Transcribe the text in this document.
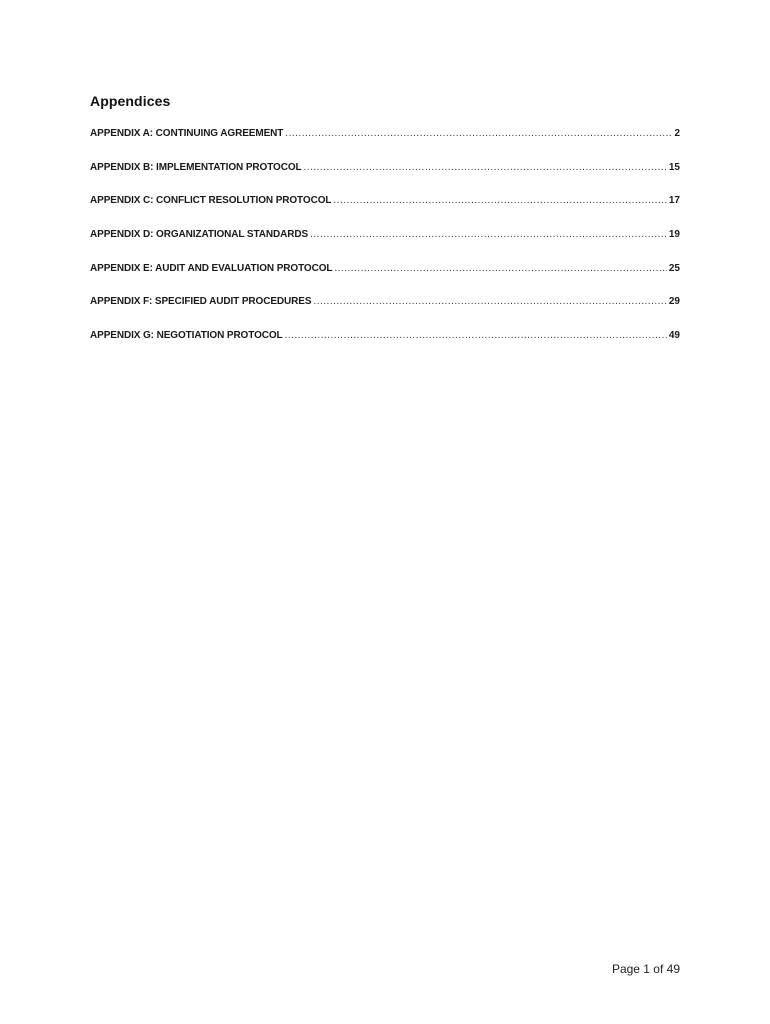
Appendices
APPENDIX A: CONTINUING AGREEMENT .....	2
APPENDIX B: IMPLEMENTATION PROTOCOL .....	15
APPENDIX C: CONFLICT RESOLUTION PROTOCOL .....	17
APPENDIX D: ORGANIZATIONAL STANDARDS .....	19
APPENDIX E: AUDIT AND EVALUATION PROTOCOL .....	25
APPENDIX F: SPECIFIED AUDIT PROCEDURES .....	29
APPENDIX G: NEGOTIATION PROTOCOL .....	49
Page 1 of 49
